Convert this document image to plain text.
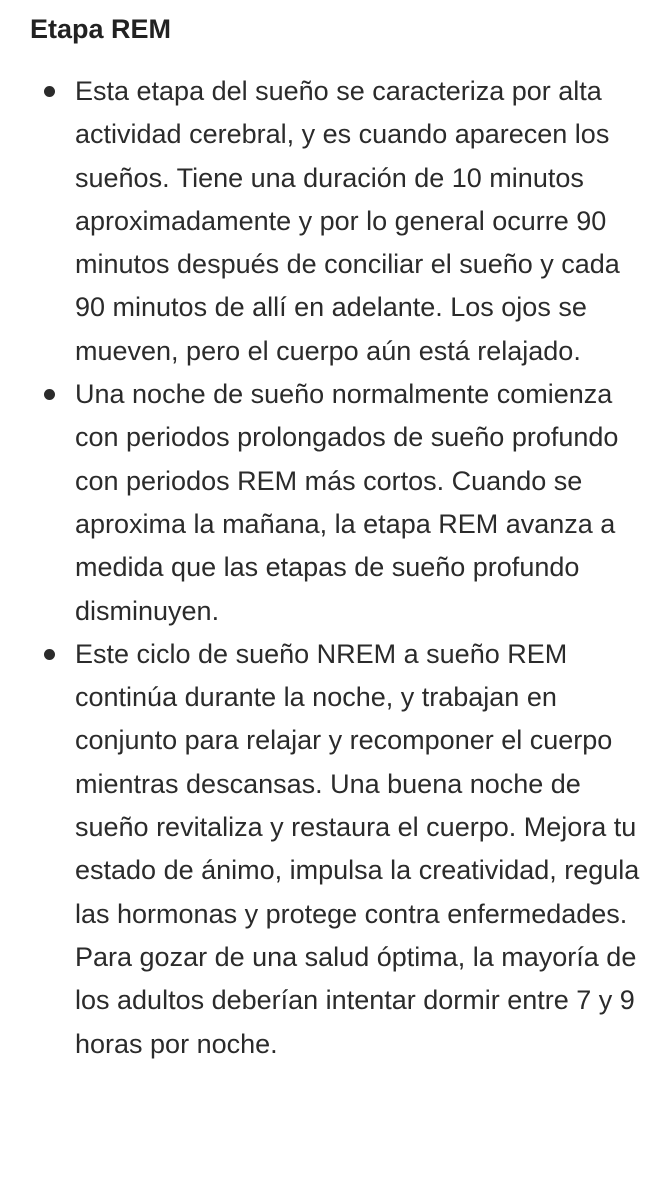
Etapa REM
Esta etapa del sueño se caracteriza por alta actividad cerebral, y es cuando aparecen los sueños. Tiene una duración de 10 minutos aproximadamente y por lo general ocurre 90 minutos después de conciliar el sueño y cada 90 minutos de allí en adelante. Los ojos se mueven, pero el cuerpo aún está relajado.
Una noche de sueño normalmente comienza con periodos prolongados de sueño profundo con periodos REM más cortos. Cuando se aproxima la mañana, la etapa REM avanza a medida que las etapas de sueño profundo disminuyen.
Este ciclo de sueño NREM a sueño REM continúa durante la noche, y trabajan en conjunto para relajar y recomponer el cuerpo mientras descansas. Una buena noche de sueño revitaliza y restaura el cuerpo. Mejora tu estado de ánimo, impulsa la creatividad, regula las hormonas y protege contra enfermedades. Para gozar de una salud óptima, la mayoría de los adultos deberían intentar dormir entre 7 y 9 horas por noche.
